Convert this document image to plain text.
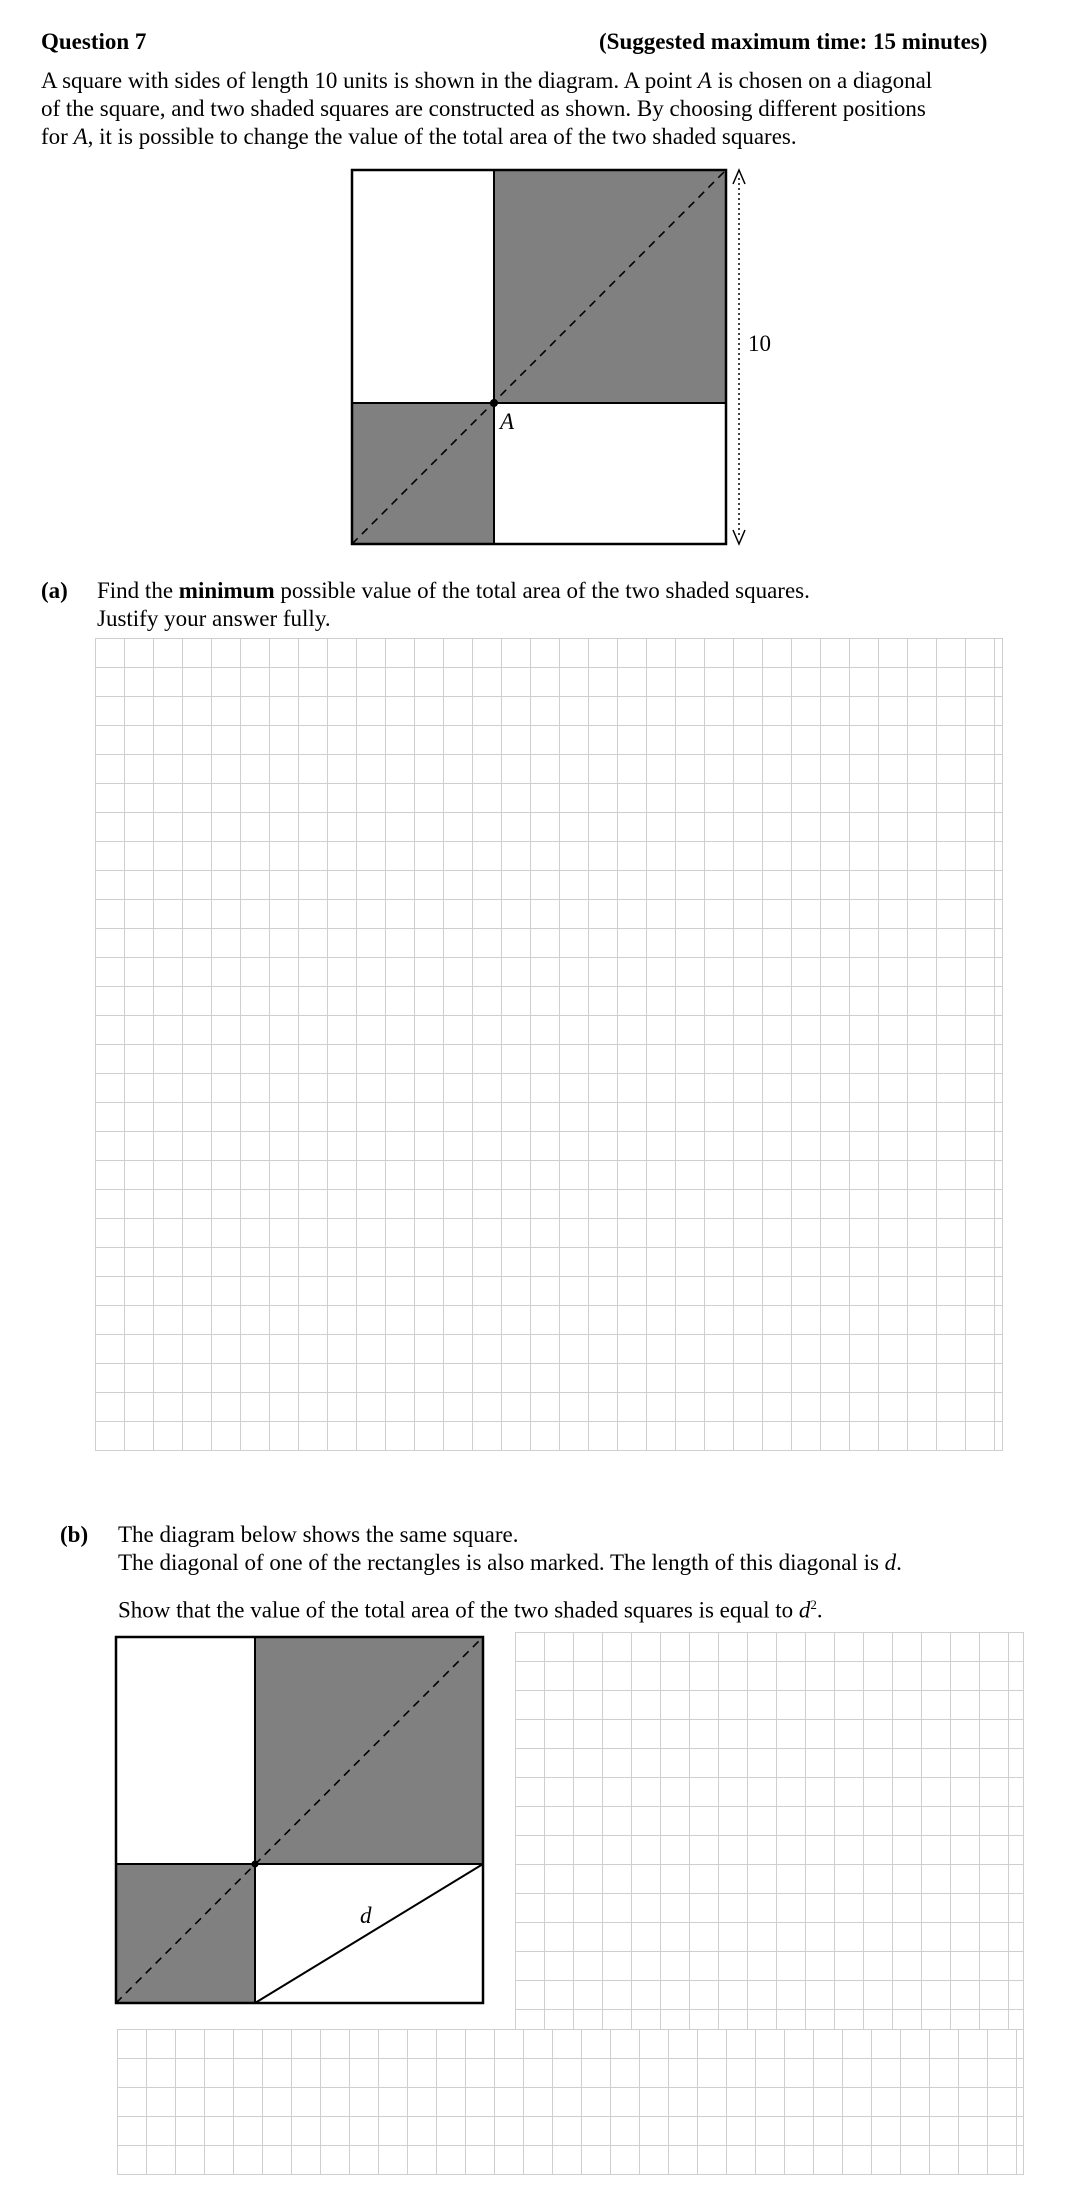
Question 7	(Suggested maximum time: 15 minutes)
A square with sides of length 10 units is shown in the diagram. A point A is chosen on a diagonal
of the square, and two shaded squares are constructed as shown. By choosing different positions
for A, it is possible to change the value of the total area of the two shaded squares.
10
A
(a) Find the minimum possible value of the total area of the two shaded squares.
Justify your answer fully.
(b) The diagram below shows the same square.
The diagonal of one of the rectangles is also marked. The length of this diagonal is d.
Show that the value of the total area of the two shaded squares is equal to $d^2$.
d
